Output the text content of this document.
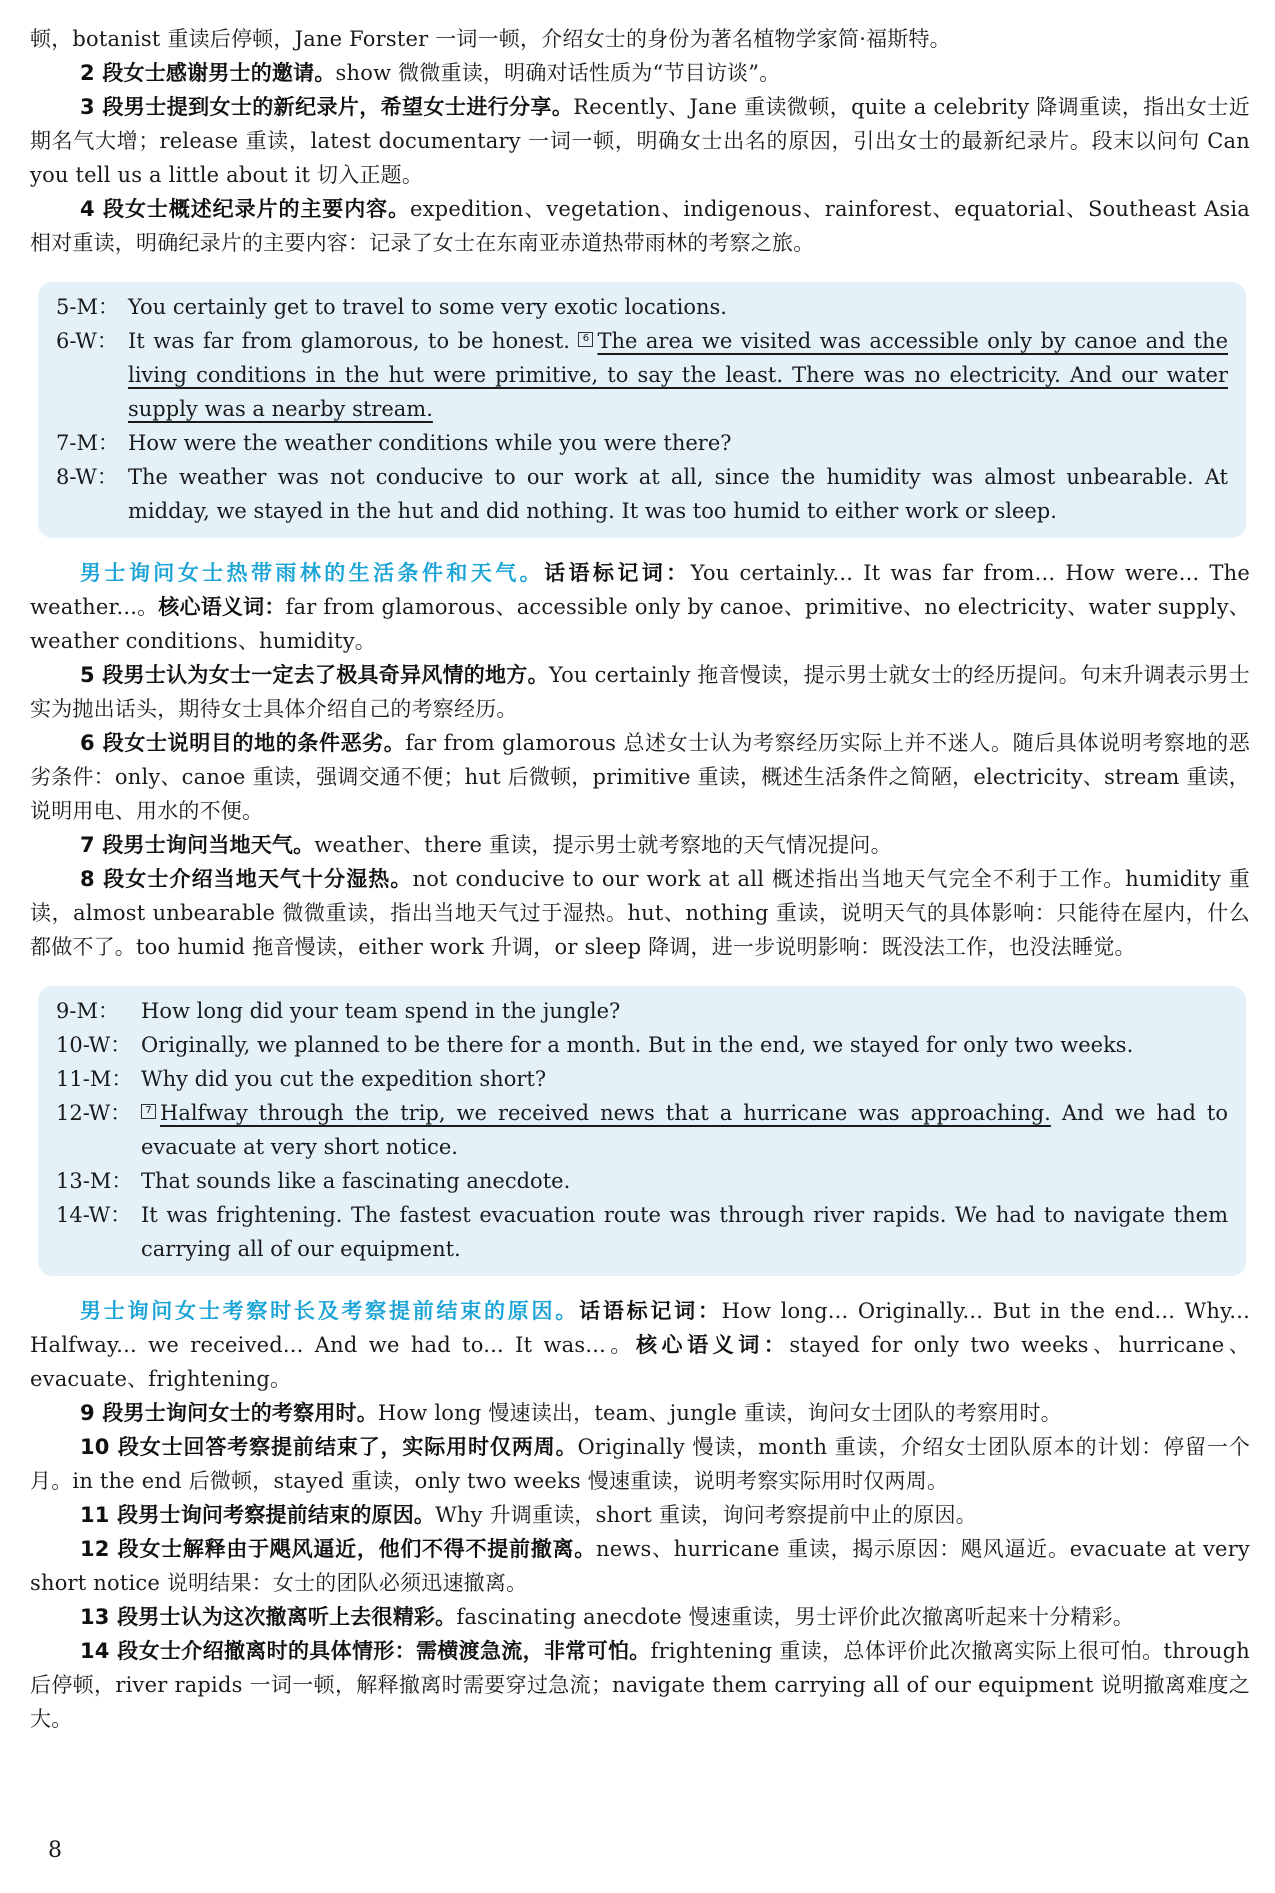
顿，botanist 重读后停顿，Jane Forster 一词一顿，介绍女士的身份为著名植物学家简·福斯特。

2 段女士感谢男士的邀请。show 微微重读，明确对话性质为“节目访谈”。

3 段男士提到女士的新纪录片，希望女士进行分享。Recently、Jane 重读微顿，quite a celebrity 降调重读，指出女士近期名气大增；release 重读，latest documentary 一词一顿，明确女士出名的原因，引出女士的最新纪录片。段末以问句 Can you tell us a little about it 切入正题。

4 段女士概述纪录片的主要内容。expedition、vegetation、indigenous、rainforest、equatorial、Southeast Asia 相对重读，明确纪录片的主要内容：记录了女士在东南亚赤道热带雨林的考察之旅。

5-M： You certainly get to travel to some very exotic locations.
6-W： It was far from glamorous, to be honest. 6 The area we visited was accessible only by canoe and the living conditions in the hut were primitive, to say the least. There was no electricity. And our water supply was a nearby stream.
7-M： How were the weather conditions while you were there?
8-W： The weather was not conducive to our work at all, since the humidity was almost unbearable. At midday, we stayed in the hut and did nothing. It was too humid to either work or sleep.

男士询问女士热带雨林的生活条件和天气。话语标记词：You certainly... It was far from... How were... The weather...。核心语义词：far from glamorous、accessible only by canoe、primitive、no electricity、water supply、weather conditions、humidity。

5 段男士认为女士一定去了极具奇异风情的地方。You certainly 拖音慢读，提示男士就女士的经历提问。句末升调表示男士实为抛出话头，期待女士具体介绍自己的考察经历。

6 段女士说明目的地的条件恶劣。far from glamorous 总述女士认为考察经历实际上并不迷人。随后具体说明考察地的恶劣条件：only、canoe 重读，强调交通不便；hut 后微顿，primitive 重读，概述生活条件之简陋，electricity、stream 重读，说明用电、用水的不便。

7 段男士询问当地天气。weather、there 重读，提示男士就考察地的天气情况提问。

8 段女士介绍当地天气十分湿热。not conducive to our work at all 概述指出当地天气完全不利于工作。humidity 重读，almost unbearable 微微重读，指出当地天气过于湿热。hut、nothing 重读，说明天气的具体影响：只能待在屋内，什么都做不了。too humid 拖音慢读，either work 升调，or sleep 降调，进一步说明影响：既没法工作，也没法睡觉。

9-M：	How long did your team spend in the jungle?
10-W： Originally, we planned to be there for a month. But in the end, we stayed for only two weeks.
11-M： Why did you cut the expedition short?
12-W：	7 Halfway through the trip, we received news that a hurricane was approaching. And we had to evacuate at very short notice.
13-M： That sounds like a fascinating anecdote.
14-W： It was frightening. The fastest evacuation route was through river rapids. We had to navigate them carrying all of our equipment.

男士询问女士考察时长及考察提前结束的原因。话语标记词：How long... Originally... But in the end... Why... Halfway... we received... And we had to... It was...。核心语义词：stayed for only two weeks、hurricane、evacuate、frightening。

9 段男士询问女士的考察用时。How long 慢速读出，team、jungle 重读，询问女士团队的考察用时。

10 段女士回答考察提前结束了，实际用时仅两周。Originally 慢读，month 重读，介绍女士团队原本的计划：停留一个月。in the end 后微顿，stayed 重读，only two weeks 慢速重读，说明考察实际用时仅两周。

11 段男士询问考察提前结束的原因。Why 升调重读，short 重读，询问考察提前中止的原因。

12 段女士解释由于飓风逼近，他们不得不提前撤离。news、hurricane 重读，揭示原因：飓风逼近。evacuate at very short notice 说明结果：女士的团队必须迅速撤离。

13 段男士认为这次撤离听上去很精彩。fascinating anecdote 慢速重读，男士评价此次撤离听起来十分精彩。

14 段女士介绍撤离时的具体情形：需横渡急流，非常可怕。frightening 重读，总体评价此次撤离实际上很可怕。through 后停顿，river rapids 一词一顿，解释撤离时需要穿过急流；navigate them carrying all of our equipment 说明撤离难度之大。

8
